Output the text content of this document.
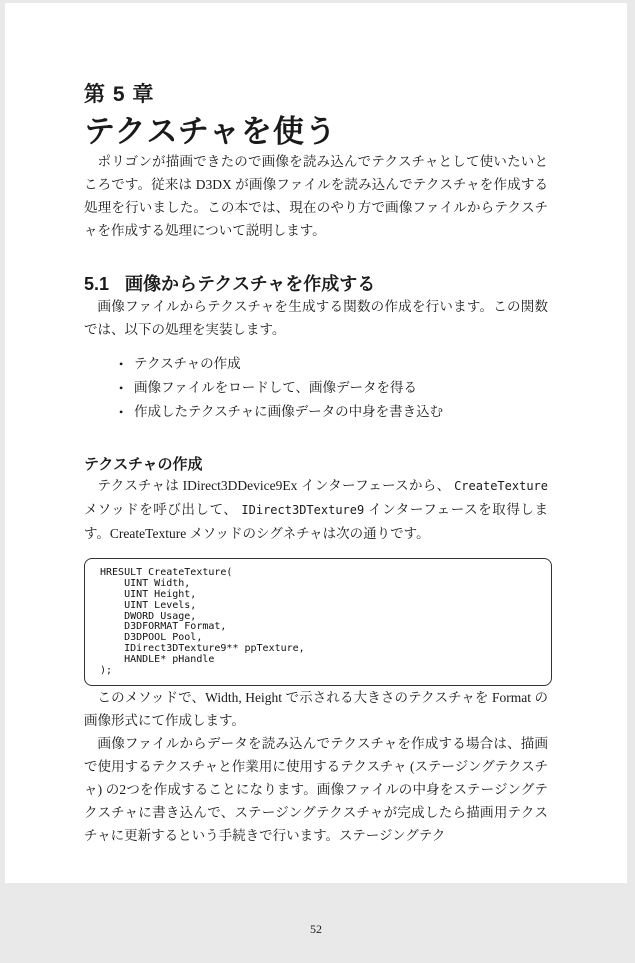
第 5 章
テクスチャを使う

ポリゴンが描画できたので画像を読み込んでテクスチャとして使いたいところです。従来は D3DX が画像ファイルを読み込んでテクスチャを作成する処理を行いました。この本では、現在のやり方で画像ファイルからテクスチャを作成する処理について説明します。

5.1 画像からテクスチャを作成する

画像ファイルからテクスチャを生成する関数の作成を行います。この関数では、以下の処理を実装します。

• テクスチャの作成
• 画像ファイルをロードして、画像データを得る
• 作成したテクスチャに画像データの中身を書き込む
テクスチャの作成

テクスチャは IDirect3DDevice9Ex インターフェースから、 CreateTexture メソッドを呼び出して、 IDirect3DTexture9 インターフェースを取得します。CreateTexture メソッドのシグネチャは次の通りです。

HRESULT CreateTexture(
UINT Width,
UINT Height,
UINT Levels,
DWORD Usage,
D3DFORMAT Format,
D3DPOOL Pool,
IDirect3DTexture9** ppTexture,
HANDLE* pHandle
);

このメソッドで、Width, Height で示される大きさのテクスチャを Format の画像形式にて作成します。

画像ファイルからデータを読み込んでテクスチャを作成する場合は、描画で使用するテクスチャと作業用に使用するテクスチャ (ステージングテクスチャ) の2つを作成することになります。画像ファイルの中身をステージングテクスチャに書き込んで、ステージングテクスチャが完成したら描画用テクスチャに更新するという手続きで行います。ステージングテク

52
